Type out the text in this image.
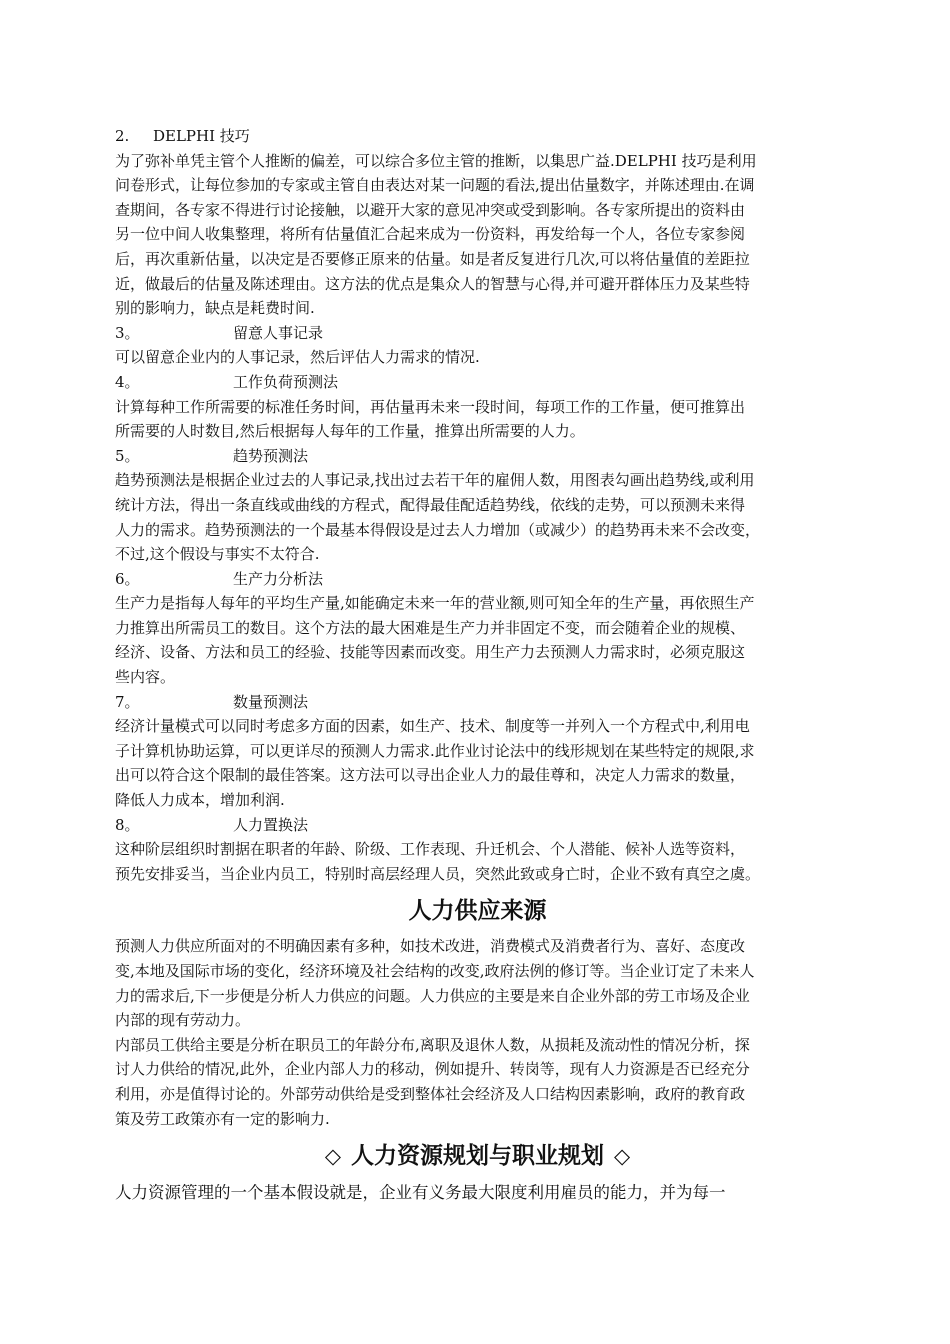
2. DELPHI 技巧
为了弥补单凭主管个人推断的偏差，可以综合多位主管的推断，以集思广益.DELPHI 技巧是利用
问卷形式，让每位参加的专家或主管自由表达对某一问题的看法,提出估量数字，并陈述理由.在调
查期间，各专家不得进行讨论接触，以避开大家的意见冲突或受到影响。各专家所提出的资料由
另一位中间人收集整理，将所有估量值汇合起来成为一份资料，再发给每一个人，各位专家参阅
后，再次重新估量，以决定是否要修正原来的估量。如是者反复进行几次,可以将估量值的差距拉
近，做最后的估量及陈述理由。这方法的优点是集众人的智慧与心得,并可避开群体压力及某些特
别的影响力，缺点是耗费时间.
3。	留意人事记录
可以留意企业内的人事记录，然后评估人力需求的情况.
4。	工作负荷预测法
计算每种工作所需要的标准任务时间，再估量再未来一段时间，每项工作的工作量，便可推算出
所需要的人时数目,然后根据每人每年的工作量，推算出所需要的人力。
5。	趋势预测法
趋势预测法是根据企业过去的人事记录,找出过去若干年的雇佣人数，用图表勾画出趋势线,或利用
统计方法，得出一条直线或曲线的方程式，配得最佳配适趋势线，依线的走势，可以预测未来得
人力的需求。趋势预测法的一个最基本得假设是过去人力增加（或减少）的趋势再未来不会改变，
不过,这个假设与事实不太符合.
6。	生产力分析法
生产力是指每人每年的平均生产量,如能确定未来一年的营业额,则可知全年的生产量，再依照生产
力推算出所需员工的数目。这个方法的最大困难是生产力并非固定不变，而会随着企业的规模、
经济、设备、方法和员工的经验、技能等因素而改变。用生产力去预测人力需求时，必须克服这
些内容。
7。	数量预测法
经济计量模式可以同时考虑多方面的因素，如生产、技术、制度等一并列入一个方程式中,利用电
子计算机协助运算，可以更详尽的预测人力需求.此作业讨论法中的线形规划在某些特定的规限,求
出可以符合这个限制的最佳答案。这方法可以寻出企业人力的最佳尊和，决定人力需求的数量，
降低人力成本，增加利润.
8。	人力置换法
这种阶层组织时割据在职者的年龄、阶级、工作表现、升迁机会、个人潜能、候补人选等资料，
预先安排妥当，当企业内员工，特别时高层经理人员，突然此致或身亡时，企业不致有真空之虞。
人力供应来源
预测人力供应所面对的不明确因素有多种，如技术改进，消费模式及消费者行为、喜好、态度改
变,本地及国际市场的变化，经济环境及社会结构的改变,政府法例的修订等。当企业订定了未来人
力的需求后,下一步便是分析人力供应的问题。人力供应的主要是来自企业外部的劳工市场及企业
内部的现有劳动力。
内部员工供给主要是分析在职员工的年龄分布,离职及退休人数，从损耗及流动性的情况分析，探
讨人力供给的情况,此外，企业内部人力的移动，例如提升、转岗等，现有人力资源是否已经充分
利用，亦是值得讨论的。外部劳动供给是受到整体社会经济及人口结构因素影响，政府的教育政
策及劳工政策亦有一定的影响力.
◇ 人力资源规划与职业规划 ◇
人力资源管理的一个基本假设就是，企业有义务最大限度利用雇员的能力，并为每一
